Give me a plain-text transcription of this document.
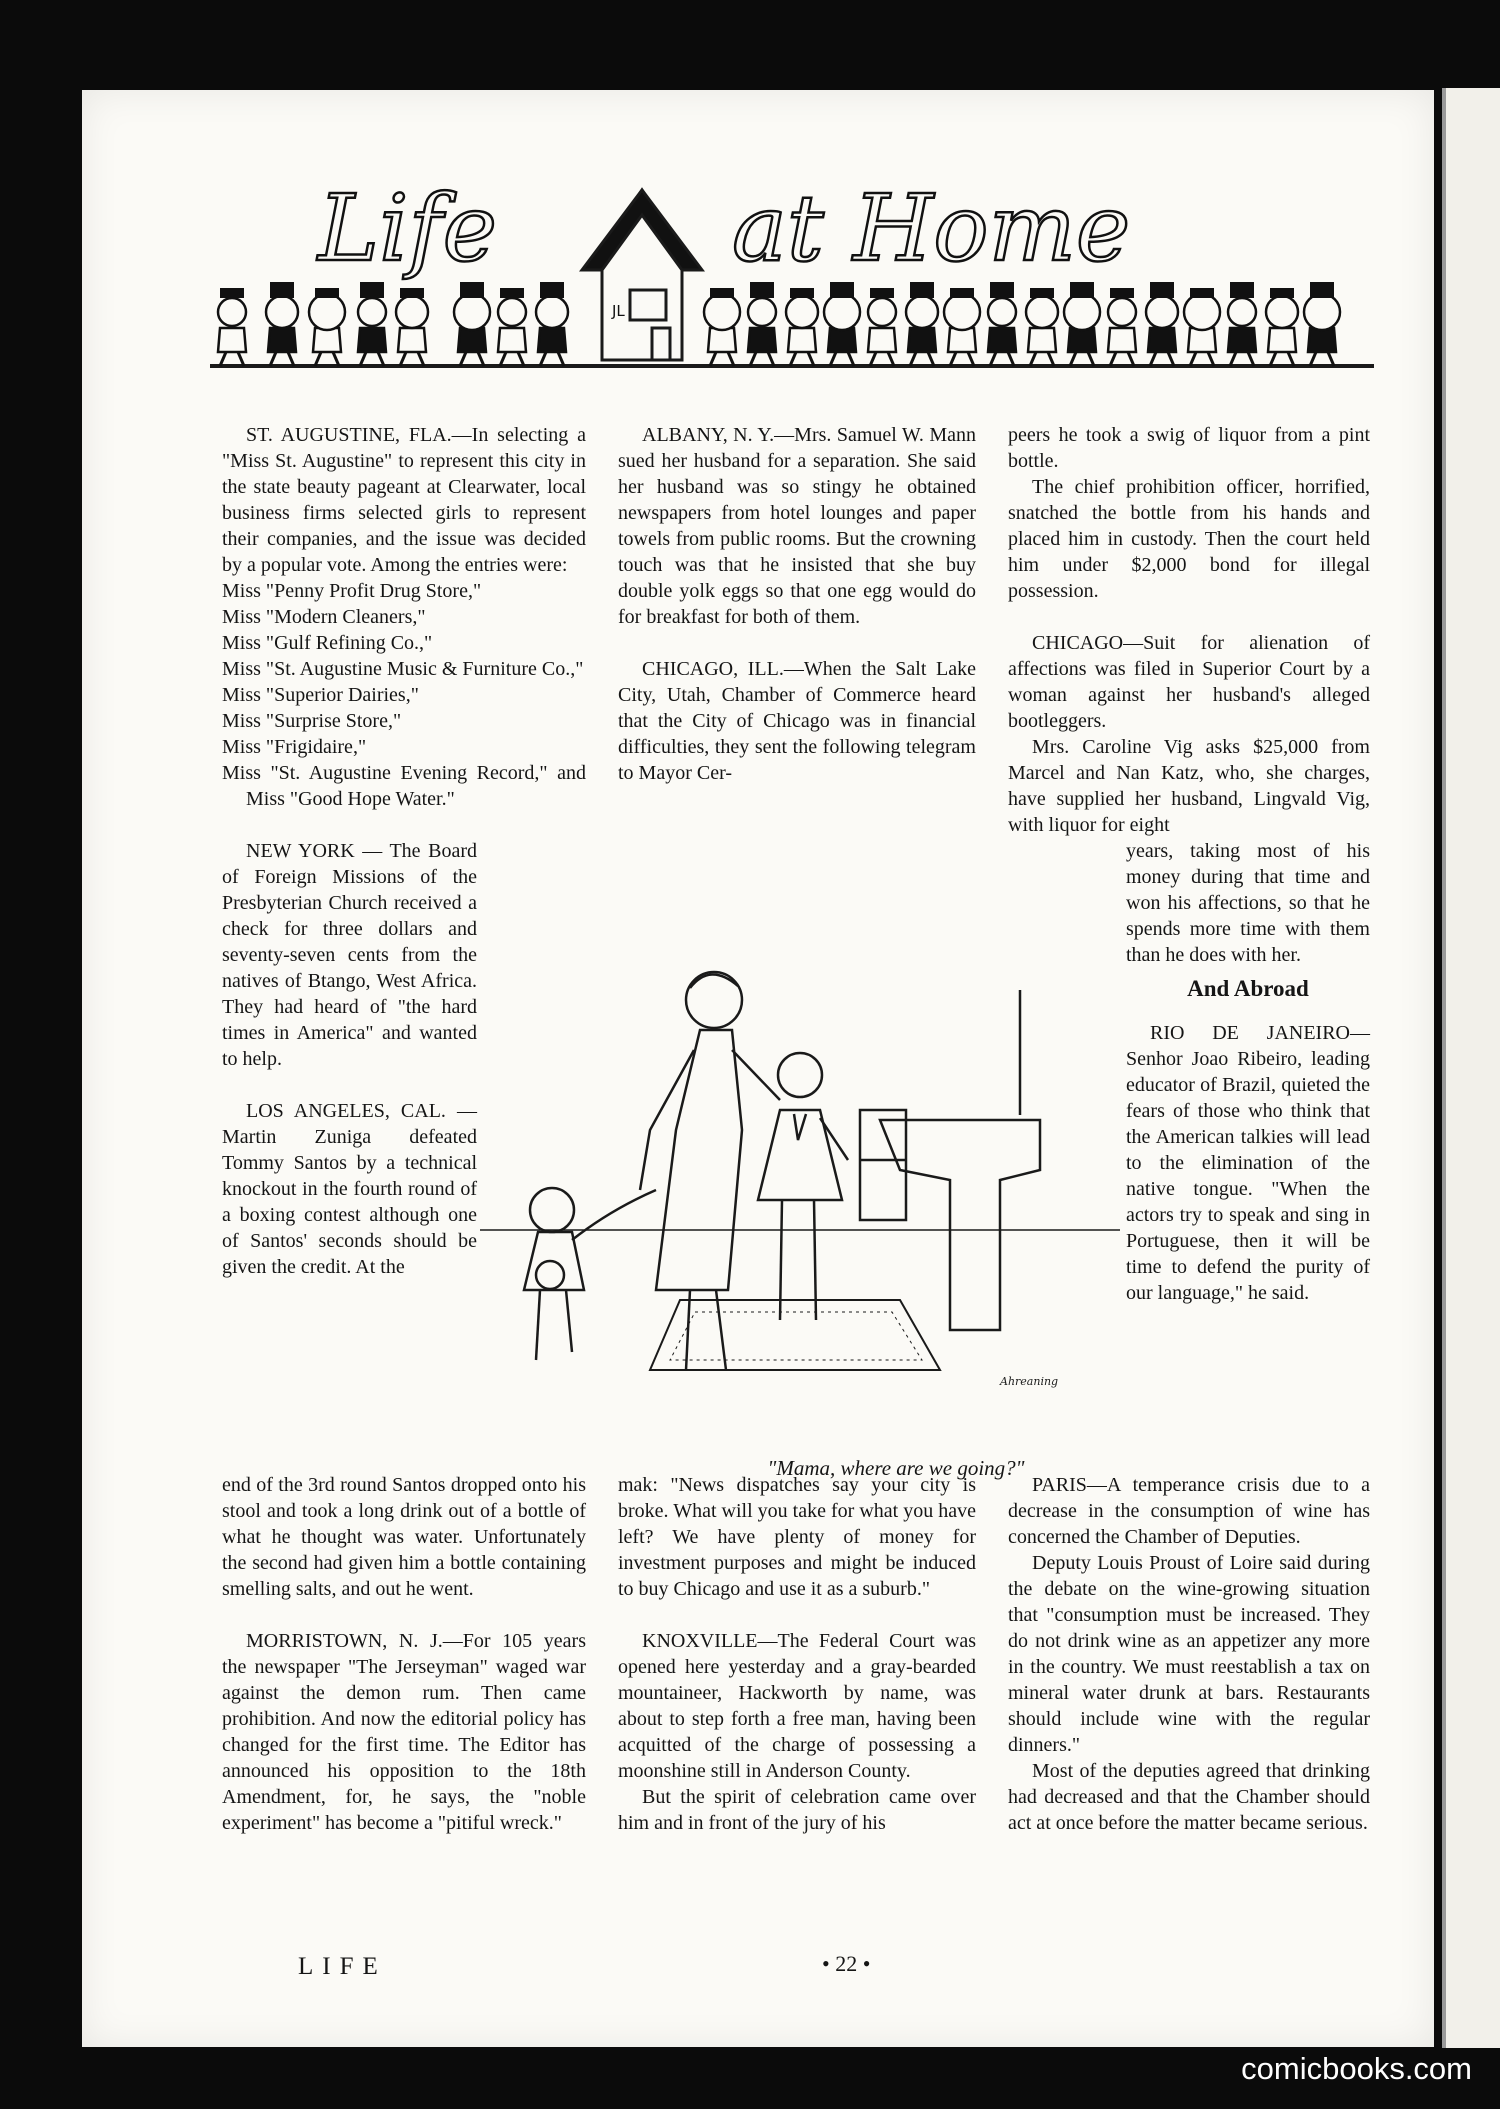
Life	at Home
JL

ST. AUGUSTINE, FLA.—In selecting a "Miss St. Augustine" to represent this city in the state beauty pageant at Clearwater, local business firms selected girls to represent their companies, and the issue was decided by a popular vote. Among the entries were:

Miss "Penny Profit Drug Store,"
Miss "Modern Cleaners,"
Miss "Gulf Refining Co.,"
Miss "St. Augustine Music & Furniture Co.,"
Miss "Superior Dairies,"
Miss "Surprise Store,"
Miss "Frigidaire,"
Miss "St. Augustine Evening Record," and Miss "Good Hope Water."

NEW YORK — The Board of Foreign Missions of the Presbyterian Church received a check for three dollars and seventy-seven cents from the natives of Btango, West Africa. They had heard of "the hard times in America" and wanted to help.

LOS ANGELES, CAL. —Martin Zuniga defeated Tommy Santos by a technical knockout in the fourth round of a boxing contest although one of Santos' seconds should be given the credit. At the

end of the 3rd round Santos dropped onto his stool and took a long drink out of a bottle of what he thought was water. Unfortunately the second had given him a bottle containing smelling salts, and out he went.

MORRISTOWN, N. J.—For 105 years the newspaper "The Jerseyman" waged war against the demon rum. Then came prohibition. And now the editorial policy has changed for the first time. The Editor has announced his opposition to the 18th Amendment, for, he says, the "noble experiment" has become a "pitiful wreck."

ALBANY, N. Y.—Mrs. Samuel W. Mann sued her husband for a separation. She said her husband was so stingy he obtained newspapers from hotel lounges and paper towels from public rooms. But the crowning touch was that he insisted that she buy double yolk eggs so that one egg would do for breakfast for both of them.

CHICAGO, ILL.—When the Salt Lake City, Utah, Chamber of Commerce heard that the City of Chicago was in financial difficulties, they sent the following telegram to Mayor Cer-

mak: "News dispatches say your city is broke. What will you take for what you have left? We have plenty of money for investment purposes and might be induced to buy Chicago and use it as a suburb."

KNOXVILLE—The Federal Court was opened here yesterday and a gray-bearded mountaineer, Hackworth by name, was about to step forth a free man, having been acquitted of the charge of possessing a moonshine still in Anderson County.

But the spirit of celebration came over him and in front of the jury of his

peers he took a swig of liquor from a pint bottle.

The chief prohibition officer, horrified, snatched the bottle from his hands and placed him in custody. Then the court held him under $2,000 bond for illegal possession.

CHICAGO—Suit for alienation of affections was filed in Superior Court by a woman against her husband's alleged bootleggers.

Mrs. Caroline Vig asks $25,000 from Marcel and Nan Katz, who, she charges, have supplied her husband, Lingvald Vig, with liquor for eight

years, taking most of his money during that time and won his affections, so that he spends more time with them than he does with her.

And Abroad

RIO DE JANEIRO—Senhor Joao Ribeiro, leading educator of Brazil, quieted the fears of those who think that the American talkies will lead to the elimination of the native tongue. "When the actors try to speak and sing in Portuguese, then it will be time to defend the purity of our language," he said.

PARIS—A temperance crisis due to a decrease in the consumption of wine has concerned the Chamber of Deputies.

Deputy Louis Proust of Loire said during the debate on the wine-growing situation that "consumption must be increased. They do not drink wine as an appetizer any more in the country. We must reestablish a tax on mineral water drunk at bars. Restaurants should include wine with the regular dinners."

Most of the deputies agreed that drinking had decreased and that the Chamber should act at once before the matter became serious.

Ahreaning
"Mama, where are we going?"
LIFE	• 22 •
comicbooks.com
